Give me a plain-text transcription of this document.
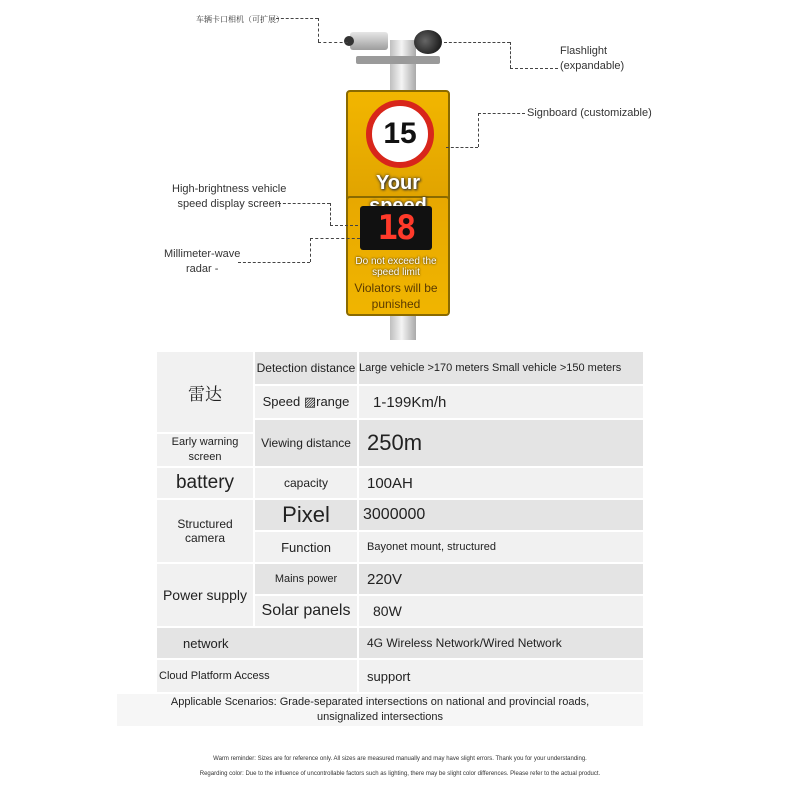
15
Your
18
Do not exceed the speed limit
Violators will be punished
车辆卡口相机（可扩展）
Flashlight
(expandable)
Signboard (customizable)
High-brightness vehicle
speed display screen
Millimeter-wave
radar -
雷达
Detection distance Large vehicle >170 meters Small vehicle >150 meters
Speed ▨range	1-199Km/h
Early warning screen
Viewing distance 250m
battery	capacity	100AH
Structured camera
Pixel	3000000
Function	Bayonet mount, structured
Power supply
Mains power	220V
Solar panels	80W
network	4G Wireless Network/Wired Network
Cloud Platform Access	support
Applicable Scenarios: Grade-separated intersections on national and provincial roads, unsignalized intersections
Warm reminder: Sizes are for reference only. All sizes are measured manually and may have slight errors. Thank you for your understanding.
Regarding color: Due to the influence of uncontrollable factors such as lighting, there may be slight color differences. Please refer to the actual product.
